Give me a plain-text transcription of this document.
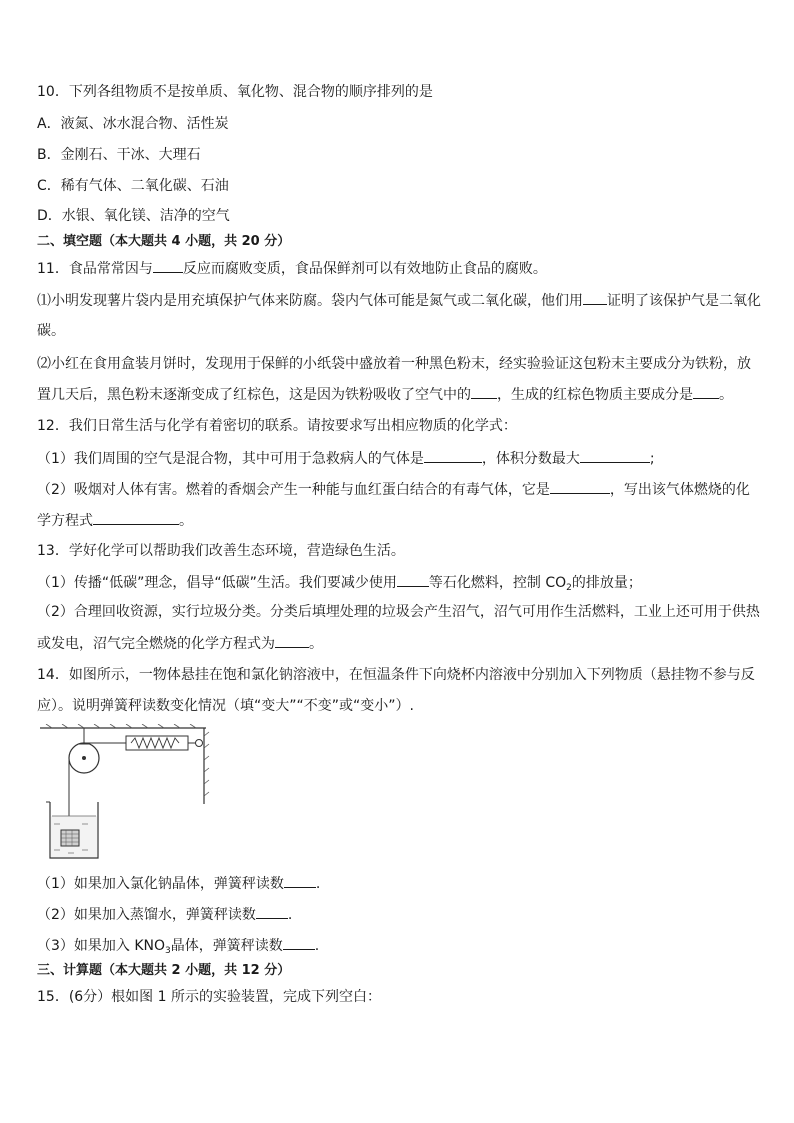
10．下列各组物质不是按单质、氧化物、混合物的顺序排列的是
A．液氮、冰水混合物、活性炭
B．金刚石、干冰、大理石
C．稀有气体、二氧化碳、石油
D．水银、氧化镁、洁净的空气
二、填空题（本大题共 4 小题，共 20 分）
11．食品常常因与 反应而腐败变质，食品保鲜剂可以有效地防止食品的腐败。
⑴小明发现薯片袋内是用充填保护气体来防腐。袋内气体可能是氮气或二氧化碳，他们用 证明了该保护气是二氧化
碳。
⑵小红在食用盒装月饼时，发现用于保鲜的小纸袋中盛放着一种黑色粉末，经实验验证这包粉末主要成分为铁粉，放
置几天后，黑色粉末逐渐变成了红棕色，这是因为铁粉吸收了空气中的 ，生成的红棕色物质主要成分是 。
12．我们日常生活与化学有着密切的联系。请按要求写出相应物质的化学式：
（1）我们周围的空气是混合物，其中可用于急救病人的气体是	，体积分数最大	;
（2）吸烟对人体有害。燃着的香烟会产生一种能与血红蛋白结合的有毒气体，它是	，写出该气体燃烧的化
学方程式	。
13．学好化学可以帮助我们改善生态环境，营造绿色生活。
（1）传播“低碳”理念，倡导“低碳”生活。我们要减少使用 等石化燃料，控制 $CO_2$的排放量；
（2）合理回收资源，实行垃圾分类。分类后填埋处理的垃圾会产生沼气，沼气可用作生活燃料，工业上还可用于供热
或发电，沼气完全燃烧的化学方程式为 。
14．如图所示，一物体悬挂在饱和氯化钠溶液中，在恒温条件下向烧杯内溶液中分别加入下列物质（悬挂物不参与反
应）。说明弹簧秤读数变化情况（填“变大”“不变”或“变小”）.
（1）如果加入氯化钠晶体，弹簧秤读数 .
（2）如果加入蒸馏水，弹簧秤读数 .
（3）如果加入 $KNO_3$晶体，弹簧秤读数 .
三、计算题（本大题共 2 小题，共 12 分）
15．(6分）根如图 1 所示的实验装置，完成下列空白：
